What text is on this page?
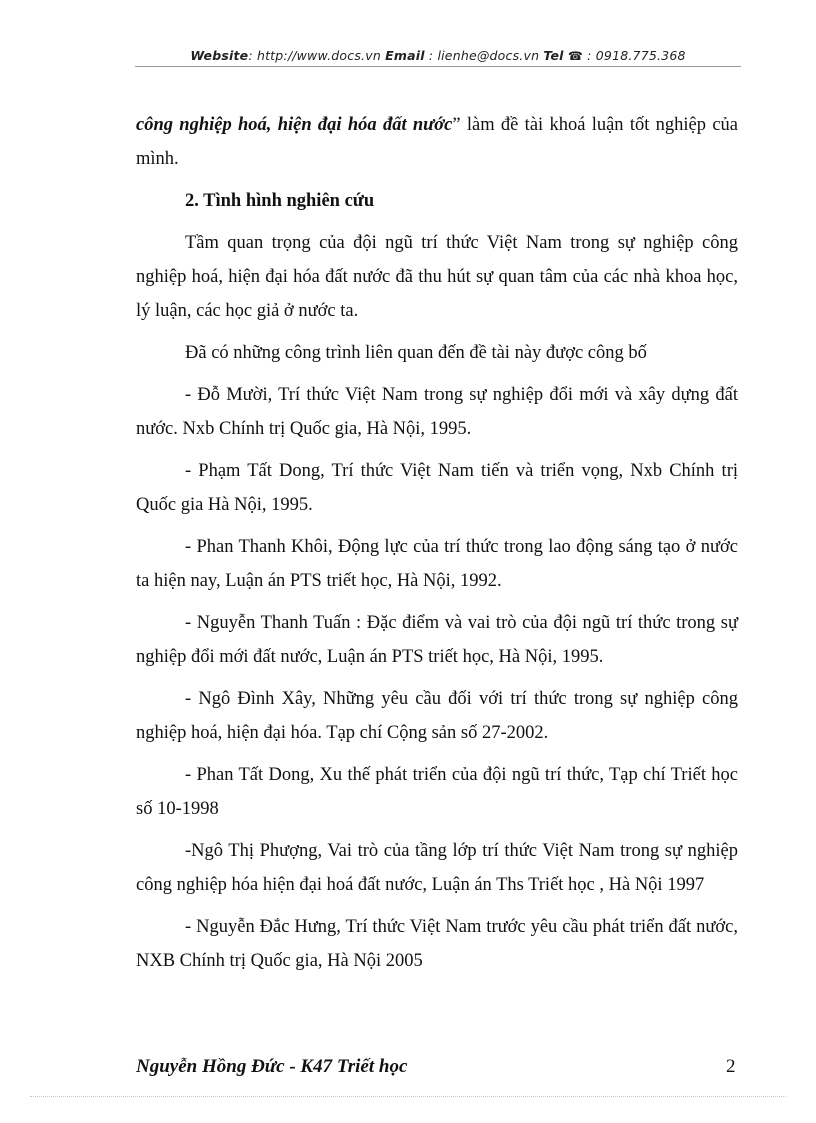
Website: http://www.docs.vn Email : lienhe@docs.vn Tel ☎ : 0918.775.368

công nghiệp hoá, hiện đại hóa đất nước” làm đề tài khoá luận tốt nghiệp của mình.

2. Tình hình nghiên cứu

Tầm quan trọng của đội ngũ trí thức Việt Nam trong sự nghiệp công nghiệp hoá, hiện đại hóa đất nước đã thu hút sự quan tâm của các nhà khoa học, lý luận, các học giả ở nước ta.

Đã có những công trình liên quan đến đề tài này được công bố

- Đỗ Mười, Trí thức Việt Nam trong sự nghiệp đổi mới và xây dựng đất nước. Nxb Chính trị Quốc gia, Hà Nội, 1995.

- Phạm Tất Dong, Trí thức Việt Nam tiến và triển vọng, Nxb Chính trị Quốc gia Hà Nội, 1995.

- Phan Thanh Khôi, Động lực của trí thức trong lao động sáng tạo ở nước ta hiện nay, Luận án PTS triết học, Hà Nội, 1992.

- Nguyễn Thanh Tuấn : Đặc điểm và vai trò của đội ngũ trí thức trong sự nghiệp đổi mới đất nước, Luận án PTS triết học, Hà Nội, 1995.

- Ngô Đình Xây, Những yêu cầu đối với trí thức trong sự nghiệp công nghiệp hoá, hiện đại hóa. Tạp chí Cộng sản số 27-2002.

- Phan Tất Dong, Xu thế phát triển của đội ngũ trí thức, Tạp chí Triết học số 10-1998

-Ngô Thị Phượng, Vai trò của tầng lớp trí thức Việt Nam trong sự nghiệp công nghiệp hóa hiện đại hoá đất nước, Luận án Ths Triết học , Hà Nội 1997

- Nguyễn Đắc Hưng, Trí thức Việt Nam trước yêu cầu phát triển đất nước, NXB Chính trị Quốc gia, Hà Nội 2005

Nguyễn Hồng Đức - K47 Triết học	2
